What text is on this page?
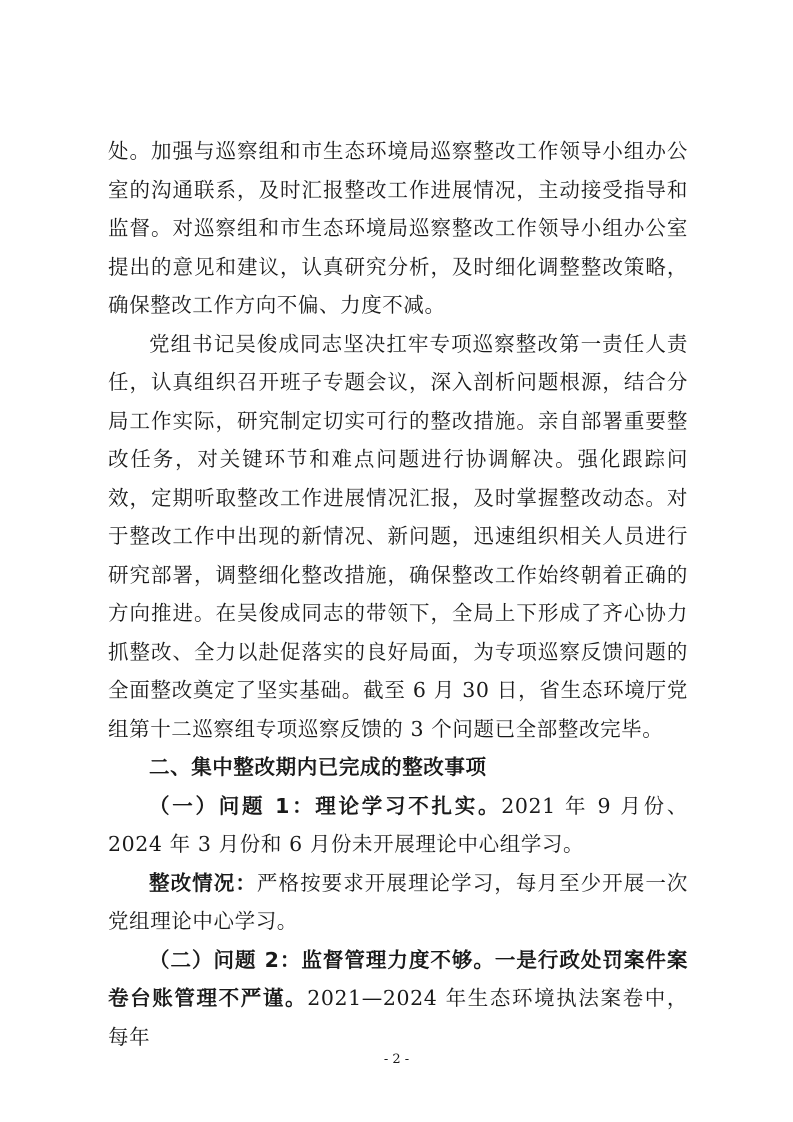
处。加强与巡察组和市生态环境局巡察整改工作领导小组办公室的沟通联系，及时汇报整改工作进展情况，主动接受指导和监督。对巡察组和市生态环境局巡察整改工作领导小组办公室提出的意见和建议，认真研究分析，及时细化调整整改策略，确保整改工作方向不偏、力度不减。

党组书记吴俊成同志坚决扛牢专项巡察整改第一责任人责任，认真组织召开班子专题会议，深入剖析问题根源，结合分局工作实际，研究制定切实可行的整改措施。亲自部署重要整改任务，对关键环节和难点问题进行协调解决。强化跟踪问效，定期听取整改工作进展情况汇报，及时掌握整改动态。对于整改工作中出现的新情况、新问题，迅速组织相关人员进行研究部署，调整细化整改措施，确保整改工作始终朝着正确的方向推进。在吴俊成同志的带领下，全局上下形成了齐心协力抓整改、全力以赴促落实的良好局面，为专项巡察反馈问题的全面整改奠定了坚实基础。截至 6 月 30 日，省生态环境厅党组第十二巡察组专项巡察反馈的 3 个问题已全部整改完毕。

二、集中整改期内已完成的整改事项

（一）问题 1：理论学习不扎实。2021 年 9 月份、2024 年 3 月份和 6 月份未开展理论中心组学习。

整改情况：严格按要求开展理论学习，每月至少开展一次党组理论中心学习。

（二）问题 2：监督管理力度不够。一是行政处罚案件案卷台账管理不严谨。2021—2024 年生态环境执法案卷中，每年

- 2 -
